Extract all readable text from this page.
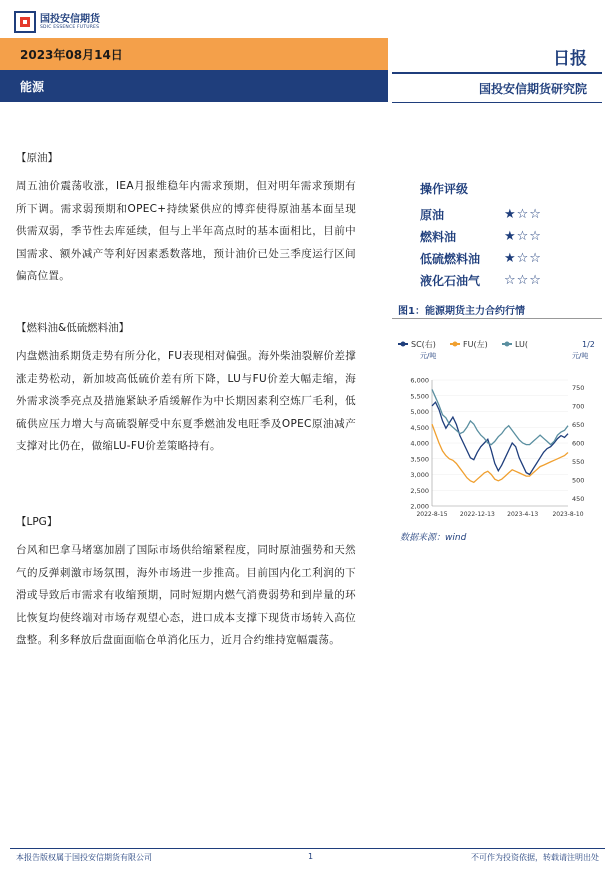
国投安信期货
SDIC ESSENCE FUTURES
2023年08月14日
能源
日报
国投安信期货研究院
【原油】
周五油价震荡收涨，IEA月报维稳年内需求预期，但对明年需求预期有所下调。需求弱预期和OPEC+持续紧供应的博弈使得原油基本面呈现供需双弱，季节性去库延续，但与上半年高点时的基本面相比，目前中国需求、额外减产等利好因素悉数落地，预计油价已处三季度运行区间偏高位置。
【燃料油&低硫燃料油】
内盘燃油系期货走势有所分化，FU表现相对偏强。海外柴油裂解价差撑涨走势松动，新加坡高低硫价差有所下降，LU与FU价差大幅走缩，海外需求淡季亮点及措施紧缺矛盾缓解作为中长期因素利空炼厂毛利，低硫供应压力增大与高硫裂解受中东夏季燃油发电旺季及OPEC原油减产支撑对比仍在，做缩LU-FU价差策略持有。
【LPG】
台风和巴拿马堵塞加剧了国际市场供给缩紧程度，同时原油强势和天然气的反弹刺激市场氛围，海外市场进一步推高。目前国内化工利润的下滑或导致后市需求有收缩预期，同时短期内燃气消费弱势和到岸量的环比恢复均使终端对市场存观望心态，进口成本支撑下现货市场转入高位盘整。利多释放后盘面面临仓单消化压力，近月合约维持宽幅震荡。
操作评级
原油	★☆☆
燃料油	★☆☆
低硫燃料油	★☆☆
液化石油气	☆☆☆
图1：能源期货主力合约行情
SC(右)	FU(左)	LU(	1/2
元/吨	元/吨
2,000
2,500
3,000
3,500
4,000
4,500
5,000
5,500
6,000
450
500
550
600
650
700
750
2022-8-15 2022-12-13 2023-4-13 2023-8-10
数据来源：wind
本报告版权属于国投安信期货有限公司	1	不可作为投资依据，转载请注明出处
